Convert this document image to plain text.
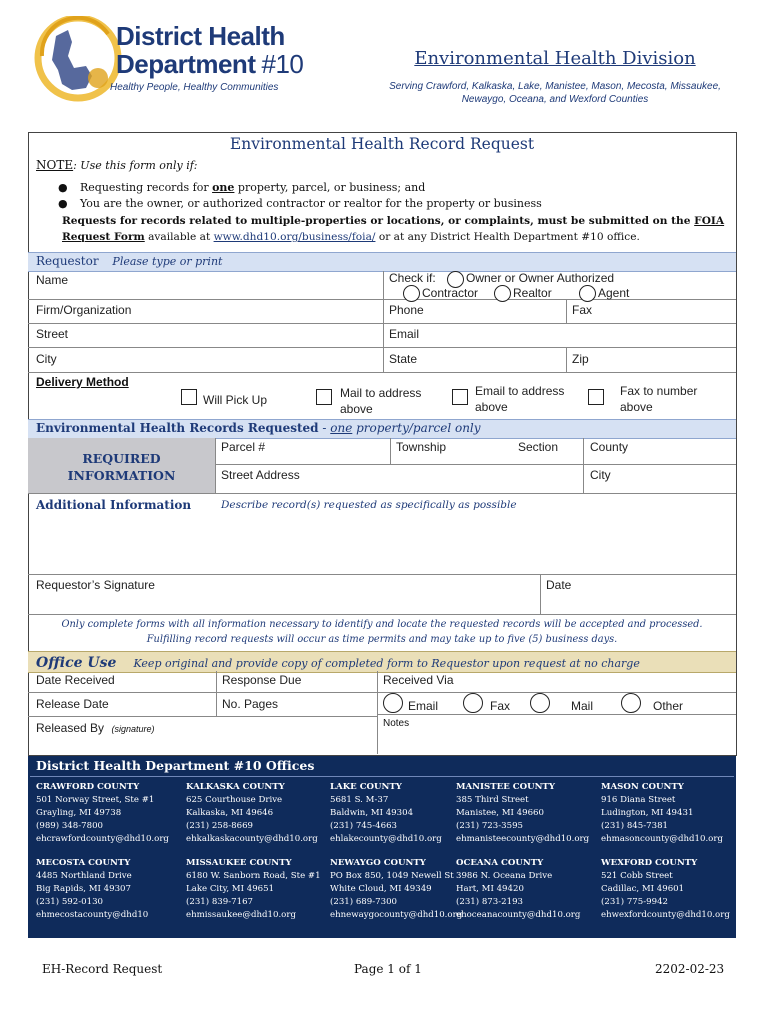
District Health
Department #10
Healthy People, Healthy Communities
Environmental Health Division
Serving Crawford, Kalkaska, Lake, Manistee, Mason, Mecosta, Missaukee,
Newaygo, Oceana, and Wexford Counties
Environmental Health Record Request
NOTE: Use this form only if:
● Requesting records for one property, parcel, or business; and
● You are the owner, or authorized contractor or realtor for the property or business
Requests for records related to multiple-properties or locations, or complaints, must be submitted on the FOIA
Request Form available at www.dhd10.org/business/foia/ or at any District Health Department #10 office.
Requestor Please type or print
Name	Check if:	Owner or Owner Authorized
Contractor	Realtor	Agent
Firm/Organization	Phone	Fax
Street	Email
City	State	Zip
Delivery Method
Will Pick Up	Mail to address
above
Email to address
above
Fax to number
above
Environmental Health Records Requested - one property/parcel only
REQUIRED
INFORMATION
Parcel #	Township	Section	County
Street Address	City
Additional Information	Describe record(s) requested as specifically as possible
Requestor’s Signature	Date
Only complete forms with all information necessary to identify and locate the requested records will be accepted and processed.
Fulfilling record requests will occur as time permits and may take up to five (5) business days.
Office Use Keep original and provide copy of completed form to Requestor upon request at no charge
Date Received	Response Due	Received Via
Release Date	No. Pages	Email	Fax	Mail	Other
Released By (signature)	Notes
District Health Department #10 Offices
CRAWFORD COUNTY
501 Norway Street, Ste #1
Grayling, MI 49738
(989) 348-7800
ehcrawfordcounty@dhd10.org
KALKASKA COUNTY
625 Courthouse Drive
Kalkaska, MI 49646
(231) 258-8669
ehkalkaskacounty@dhd10.org
LAKE COUNTY
5681 S. M-37
Baldwin, MI 49304
(231) 745-4663
ehlakecounty@dhd10.org
MANISTEE COUNTY
385 Third Street
Manistee, MI 49660
(231) 723-3595
ehmanisteecounty@dhd10.org
MASON COUNTY
916 Diana Street
Ludington, MI 49431
(231) 845-7381
ehmasoncounty@dhd10.org
MECOSTA COUNTY
4485 Northland Drive
Big Rapids, MI 49307
(231) 592-0130
ehmecostacounty@dhd10
MISSAUKEE COUNTY
6180 W. Sanborn Road, Ste #1
Lake City, MI 49651
(231) 839-7167
ehmissaukee@dhd10.org
NEWAYGO COUNTY
PO Box 850, 1049 Newell St
White Cloud, MI 49349
(231) 689-7300
ehnewaygocounty@dhd10.org
OCEANA COUNTY
3986 N. Oceana Drive
Hart, MI 49420
(231) 873-2193
ehoceanacounty@dhd10.org
WEXFORD COUNTY
521 Cobb Street
Cadillac, MI 49601
(231) 775-9942
ehwexfordcounty@dhd10.org
EH-Record Request	Page 1 of 1	2202-02-23
